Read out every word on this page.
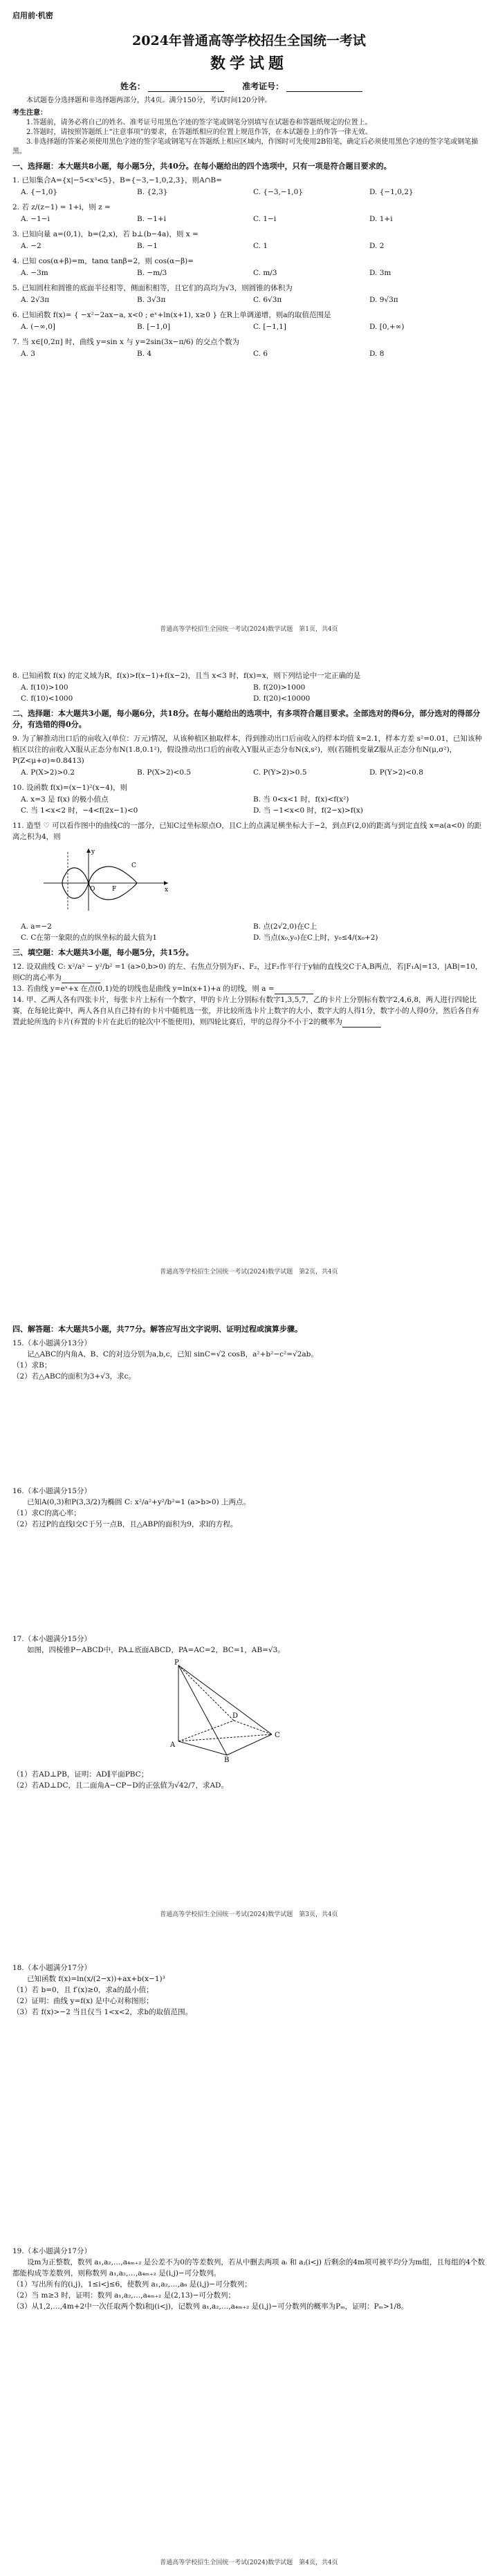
启用前·机密
2024年普通高等学校招生全国统一考试
数学试题
姓名：	准考证号：
本试题卷分选择题和非选择题两部分，共4页。满分150分，考试时间120分钟。
考生注意：

1.答题前，请务必将自己的姓名、准考证号用黑色字迹的签字笔或钢笔分别填写在试题卷和答题纸规定的位置上。

2.答题时，请按照答题纸上“注意事项”的要求，在答题纸相应的位置上规范作答，在本试题卷上的作答一律无效。

3.非选择题的答案必须使用黑色字迹的签字笔或钢笔写在答题纸上相应区域内，作图时可先使用2B铅笔，确定后必须使用黑色字迹的签字笔或钢笔描黑。

一、选择题：本大题共8小题，每小题5分，共40分。在每小题给出的四个选项中，只有一项是符合题目要求的。

1. 已知集合A={x|−5<x³<5}，B={−3,−1,0,2,3}，则A∩B=

A. {−1,0}	B. {2,3}	C. {−3,−1,0}	D. {−1,0,2}

2. 若 z/(z−1) = 1+i，则 z =

A. −1−i	B. −1+i	C. 1−i	D. 1+i

3. 已知向量 a=(0,1)，b=(2,x)，若 b⊥(b−4a)，则 x =

A. −2	B. −1	C. 1	D. 2

4. 已知 cos(α+β)=m，tanα tanβ=2，则 cos(α−β)=

A. −3m	B. −m/3	C. m/3	D. 3m

5. 已知圆柱和圆锥的底面半径相等，侧面积相等，且它们的高均为√3，则圆锥的体积为

A. 2√3π	B. 3√3π	C. 6√3π	D. 9√3π

6. 已知函数 f(x)= { −x²−2ax−a, x<0 ; eˣ+ln(x+1), x≥0 } 在R上单调递增，则a的取值范围是

A. (−∞,0]	B. [−1,0]	C. [−1,1]	D. [0,+∞)

7. 当 x∈[0,2π] 时，曲线 y=sin x 与 y=2sin(3x−π/6) 的交点个数为

A. 3	B. 4	C. 6	D. 8
普通高等学校招生全国统一考试(2024)数学试题　第1页，共4页

8. 已知函数 f(x) 的定义域为R，f(x)>f(x−1)+f(x−2)，且当 x<3 时，f(x)=x，则下列结论中一定正确的是

A. f(10)>100	B. f(20)>1000
C. f(10)<1000	D. f(20)<10000
二、选择题：本大题共3小题，每小题6分，共18分。在每小题给出的选项中，有多项符合题目要求。全部选对的得6分，部分选对的得部分分，有选错的得0分。

9. 为了解推动出口后的亩收入(单位：万元)情况，从该种植区抽取样本，得到推动出口后亩收入的样本均值 x̄=2.1，样本方差 s²=0.01，已知该种植区以往的亩收入X服从正态分布N(1.8,0.1²)，假设推动出口后的亩收入Y服从正态分布N(x̄,s²)，则(若随机变量Z服从正态分布N(μ,σ²)，P(Z<μ+σ)≈0.8413)

A. P(X>2)>0.2	B. P(X>2)<0.5	C. P(Y>2)>0.5	D. P(Y>2)<0.8

10. 设函数 f(x)=(x−1)²(x−4)，则

A. x=3 是 f(x) 的极小值点	B. 当 0<x<1 时，f(x)<f(x²)
C. 当 1<x<2 时，−4<f(2x−1)<0	D. 当 −1<x<0 时，f(2−x)>f(x)

11. 造型 ♡ 可以看作图中的曲线C的一部分，已知C过坐标原点O，且C上的点满足横坐标大于−2，到点F(2,0)的距离与到定直线 x=a(a<0) 的距离之积为4，则

O	F	x
y
C
A. a=−2	B. 点(2√2,0)在C上
C. C在第一象限的点的纵坐标的最大值为1	D. 当点(x₀,y₀)在C上时，y₀≤4/(x₀+2)
三、填空题：本大题共3小题，每小题5分，共15分。

12. 设双曲线 C: x²/a² − y²/b² =1 (a>0,b>0) 的左、右焦点分别为F₁、F₂，过F₂作平行于y轴的直线交C于A,B两点，若|F₁A|=13，|AB|=10，则C的离心率为

13. 若曲线 y=eˣ+x 在点(0,1)处的切线也是曲线 y=ln(x+1)+a 的切线，则 a =

14. 甲、乙两人各有四张卡片，每张卡片上标有一个数字，甲的卡片上分别标有数字1,3,5,7，乙的卡片上分别标有数字2,4,6,8，两人进行四轮比赛，在每轮比赛中，两人各自从自己持有的卡片中随机选一张，并比较所选卡片上数字的大小，数字大的人得1分，数字小的人得0分，然后各自弃置此轮所选的卡片(弃置的卡片在此后的轮次中不能使用)，则四轮比赛后，甲的总得分不小于2的概率为

普通高等学校招生全国统一考试(2024)数学试题　第2页，共4页
四、解答题：本大题共5小题，共77分。解答应写出文字说明、证明过程或演算步骤。

15.（本小题满分13分）

记△ABC的内角A、B、C的对边分别为a,b,c，已知 sinC=√2 cosB，a²+b²−c²=√2ab。

（1）求B；

（2）若△ABC的面积为3+√3，求c。

16.（本小题满分15分）

已知A(0,3)和P(3,3/2)为椭圆 C: x²/a²+y²/b²=1 (a>b>0) 上两点。

（1）求C的离心率；

（2）若过P的直线l交C于另一点B，且△ABP的面积为9，求l的方程。

17.（本小题满分15分）

如图，四棱锥P−ABCD中，PA⊥底面ABCD，PA=AC=2，BC=1，AB=√3。

P
A
B
C
D

（1）若AD⊥PB，证明：AD∥平面PBC；

（2）若AD⊥DC，且二面角A−CP−D的正弦值为√42/7，求AD。

普通高等学校招生全国统一考试(2024)数学试题　第3页，共4页

18.（本小题满分17分）

已知函数 f(x)=ln(x/(2−x))+ax+b(x−1)³

（1）若 b=0，且 f′(x)≥0，求a的最小值；

（2）证明：曲线 y=f(x) 是中心对称图形；

（3）若 f(x)>−2 当且仅当 1<x<2，求b的取值范围。

19.（本小题满分17分）

设m为正整数，数列 a₁,a₂,…,a₄ₘ₊₂ 是公差不为0的等差数列，若从中删去两项 aᵢ 和 aⱼ(i<j) 后剩余的4m项可被平均分为m组，且每组的4个数都能构成等差数列，则称数列 a₁,a₂,…,a₄ₘ₊₂ 是(i,j)−可分数列。

（1）写出所有的(i,j)，1≤i<j≤6，使数列 a₁,a₂,…,a₆ 是(i,j)−可分数列；

（2）当 m≥3 时，证明：数列 a₁,a₂,…,a₄ₘ₊₂ 是(2,13)−可分数列；

（3）从1,2,…,4m+2中一次任取两个数i和j(i<j)，记数列 a₁,a₂,…,a₄ₘ₊₂ 是(i,j)−可分数列的概率为Pₘ，证明：Pₘ>1/8。

普通高等学校招生全国统一考试(2024)数学试题　第4页，共4页
